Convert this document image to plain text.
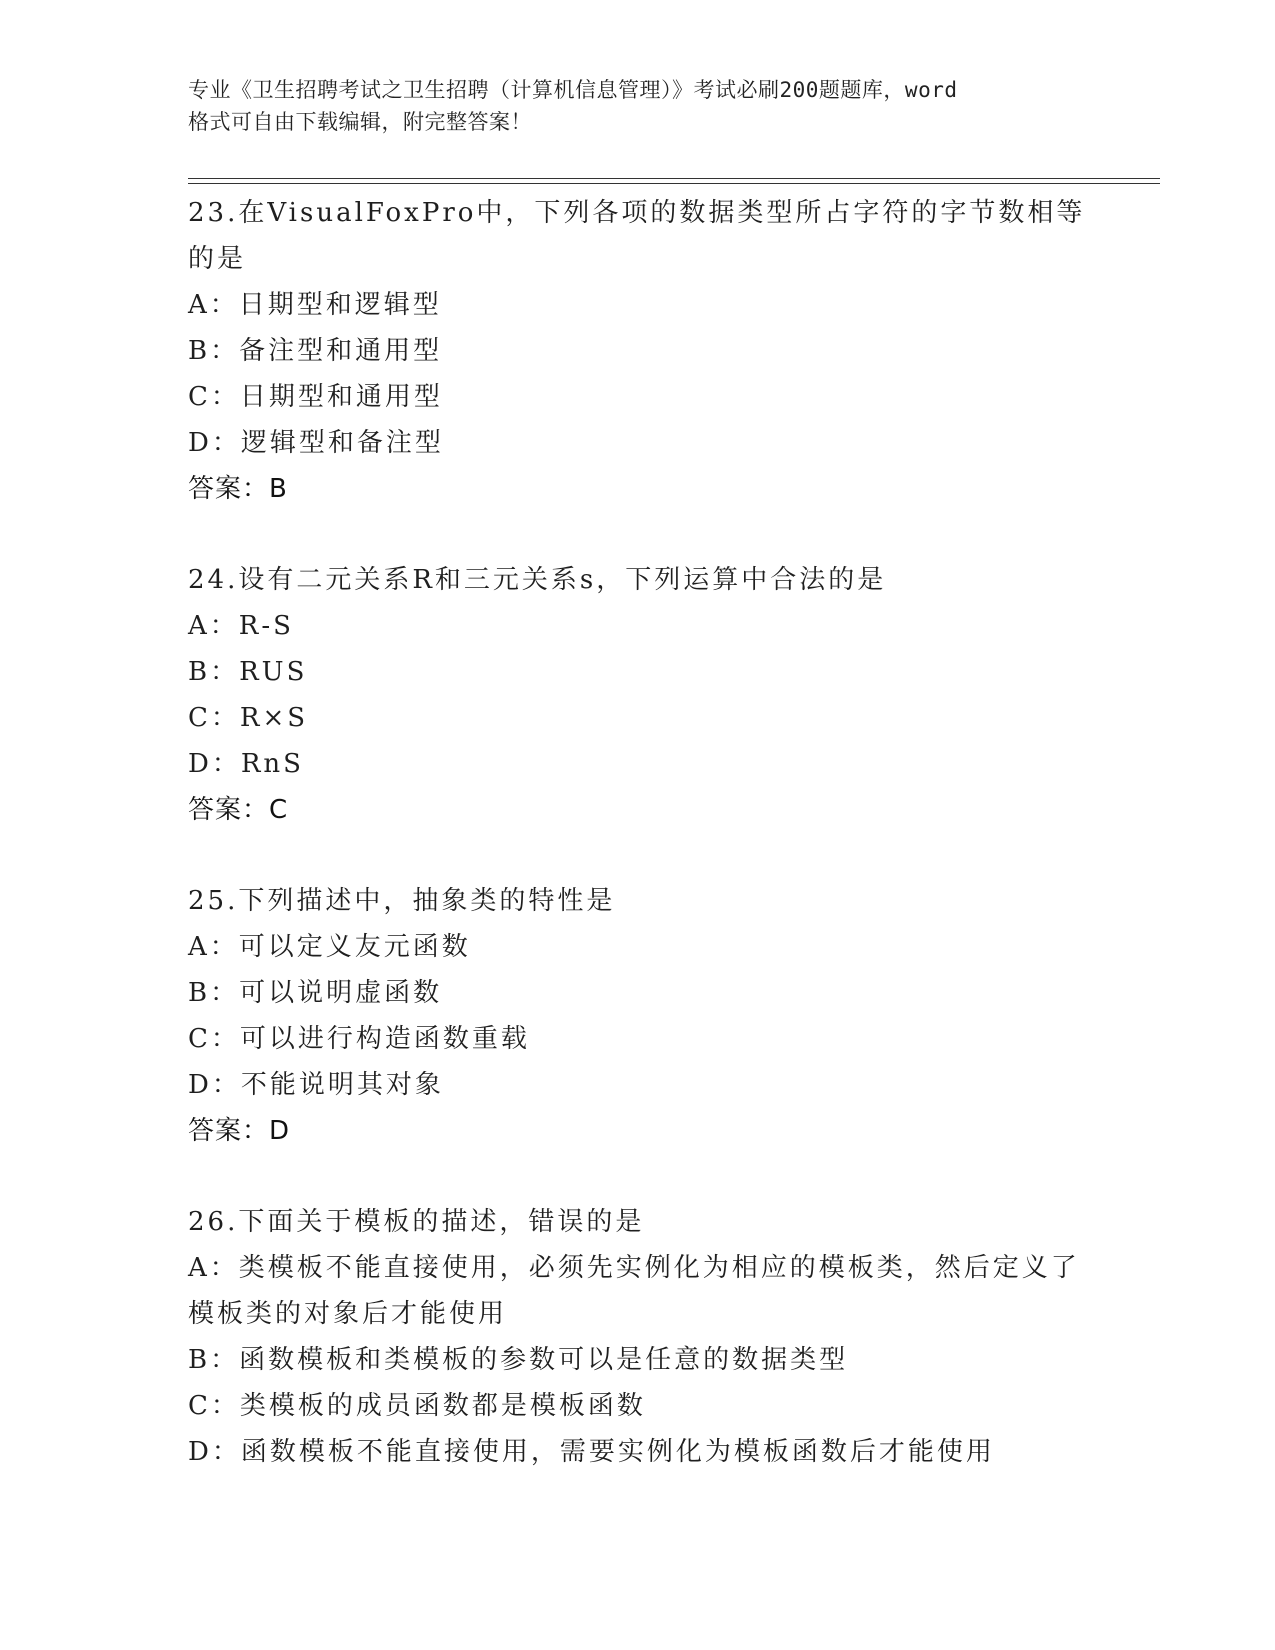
专业《卫生招聘考试之卫生招聘（计算机信息管理）》考试必刷200题题库，word
格式可自由下载编辑，附完整答案！
23.在VisualFoxPro中，下列各项的数据类型所占字符的字节数相等
的是
A：日期型和逻辑型
B：备注型和通用型
C：日期型和通用型
D：逻辑型和备注型
答案：B
24.设有二元关系R和三元关系s，下列运算中合法的是
A：R-S
B：RUS
C：R×S
D：RnS
答案：C
25.下列描述中，抽象类的特性是
A：可以定义友元函数
B：可以说明虚函数
C：可以进行构造函数重载
D：不能说明其对象
答案：D
26.下面关于模板的描述，错误的是
A：类模板不能直接使用，必须先实例化为相应的模板类，然后定义了
模板类的对象后才能使用
B：函数模板和类模板的参数可以是任意的数据类型
C：类模板的成员函数都是模板函数
D：函数模板不能直接使用，需要实例化为模板函数后才能使用
